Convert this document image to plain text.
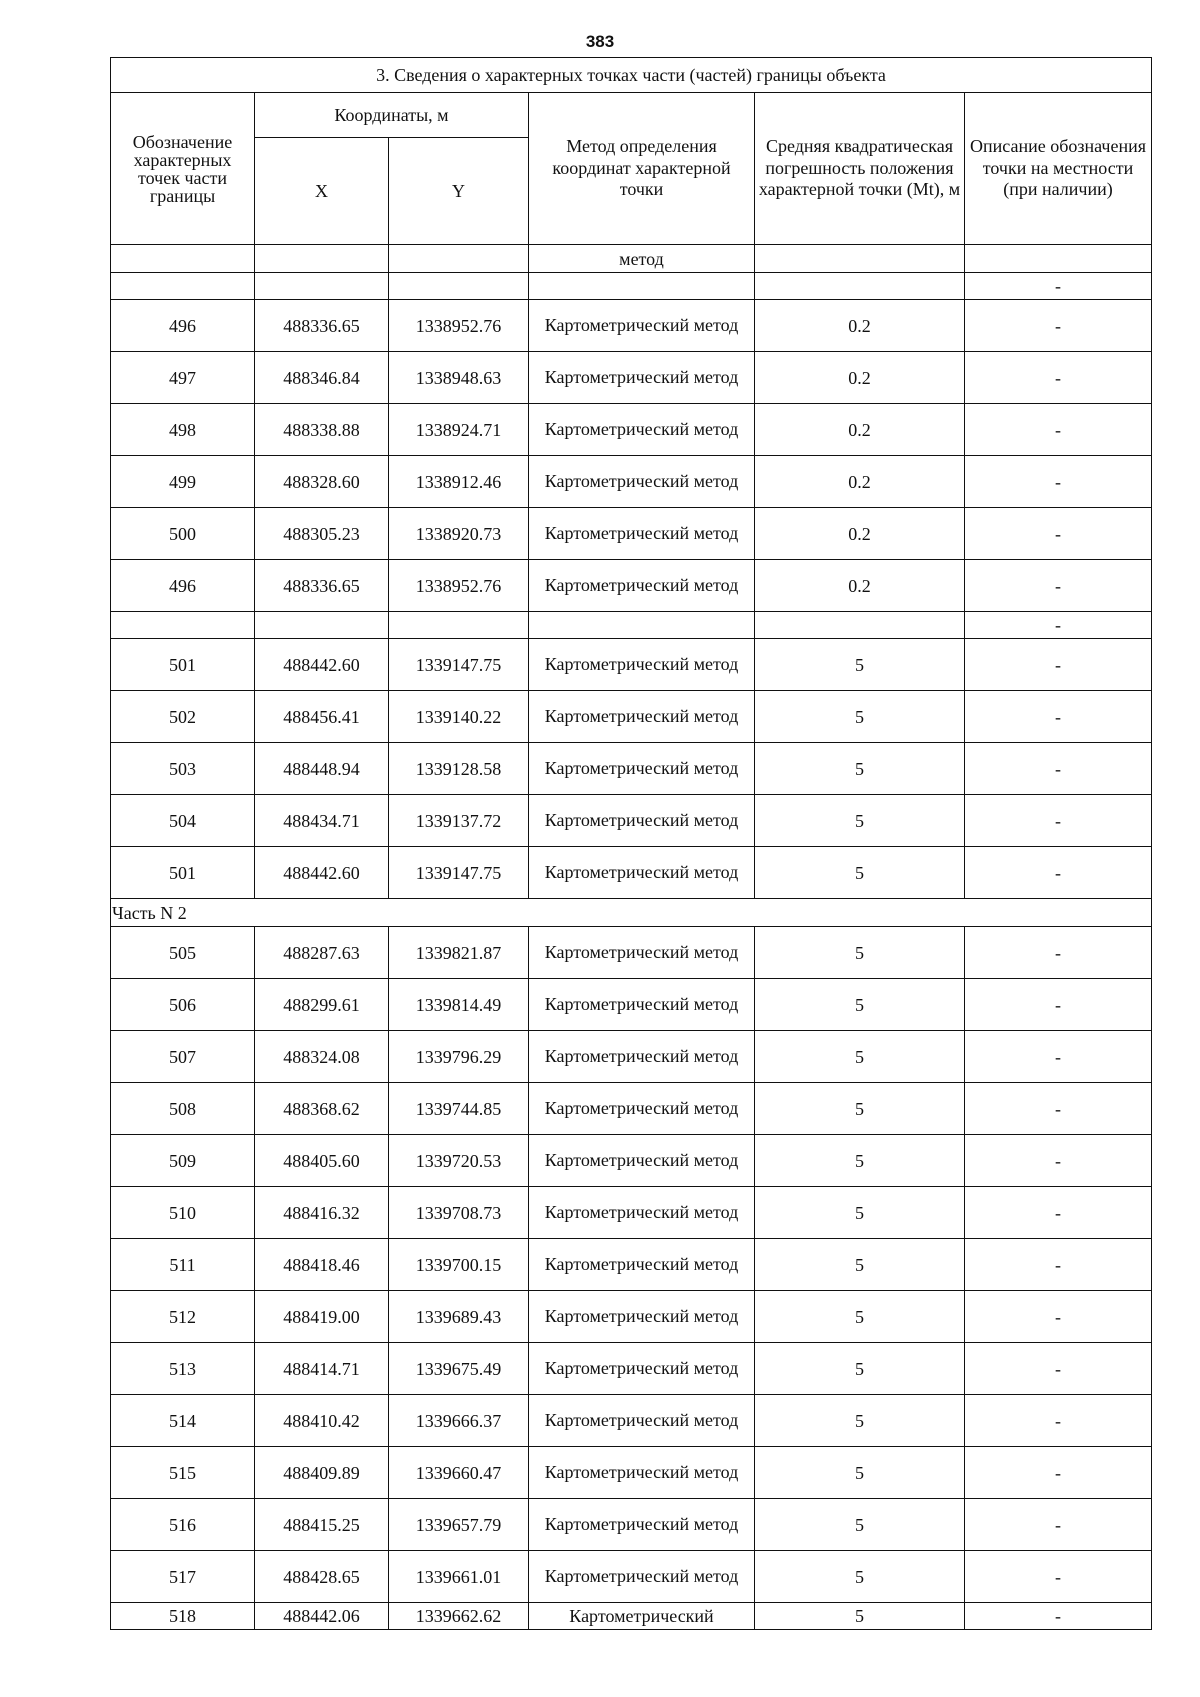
383
3. Сведения о характерных точках части (частей) границы объекта					
Обозначение характерных точек части границы	Координаты, м		Метод определения координат характерной точки	Средняя квадратическая погрешность положения характерной точки (Mt), м	Описание обозначения точки на местности (при наличии)
	X	Y			
			метод		
					-
496	488336.65	1338952.76	Картометрический метод	0.2	-
497	488346.84	1338948.63	Картометрический метод	0.2	-
498	488338.88	1338924.71	Картометрический метод	0.2	-
499	488328.60	1338912.46	Картометрический метод	0.2	-
500	488305.23	1338920.73	Картометрический метод	0.2	-
496	488336.65	1338952.76	Картометрический метод	0.2	-
					-
501	488442.60	1339147.75	Картометрический метод	5	-
502	488456.41	1339140.22	Картометрический метод	5	-
503	488448.94	1339128.58	Картометрический метод	5	-
504	488434.71	1339137.72	Картометрический метод	5	-
501	488442.60	1339147.75	Картометрический метод	5	-
Часть N 2					
505	488287.63	1339821.87	Картометрический метод	5	-
506	488299.61	1339814.49	Картометрический метод	5	-
507	488324.08	1339796.29	Картометрический метод	5	-
508	488368.62	1339744.85	Картометрический метод	5	-
509	488405.60	1339720.53	Картометрический метод	5	-
510	488416.32	1339708.73	Картометрический метод	5	-
511	488418.46	1339700.15	Картометрический метод	5	-
512	488419.00	1339689.43	Картометрический метод	5	-
513	488414.71	1339675.49	Картометрический метод	5	-
514	488410.42	1339666.37	Картометрический метод	5	-
515	488409.89	1339660.47	Картометрический метод	5	-
516	488415.25	1339657.79	Картометрический метод	5	-
517	488428.65	1339661.01	Картометрический метод	5	-
518	488442.06	1339662.62	Картометрический	5	-
